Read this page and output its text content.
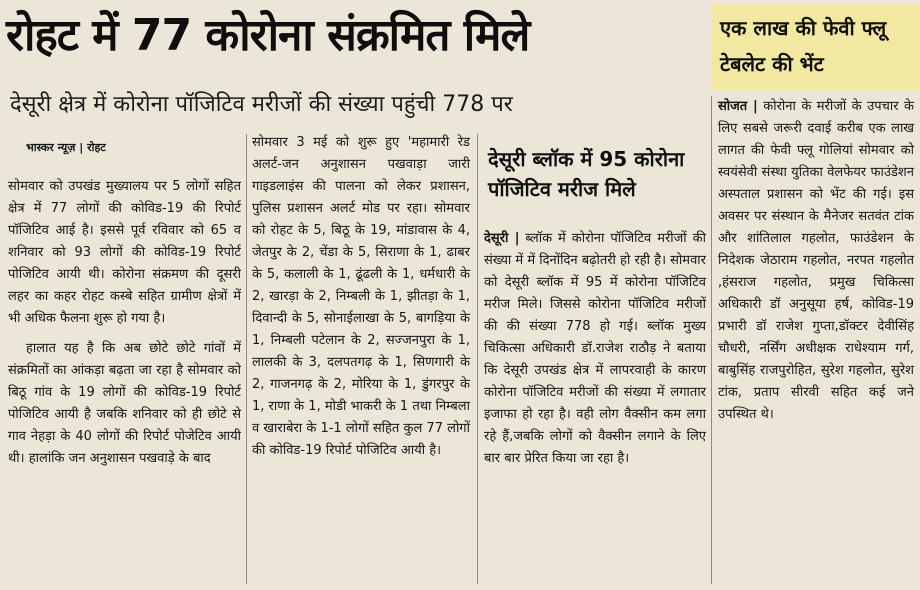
रोहट में 77 कोरोना संक्रमित मिले
देसूरी क्षेत्र में कोरोना पॉजिटिव मरीजों की संख्या पहुंची 778 पर
एक लाख की फेवी फ्लू टेबलेट की भेंट
भास्कर न्यूज़ | रोहट

सोमवार को उपखंड मुख्यालय पर 5 लोगों सहित क्षेत्र में 77 लोगों की कोविड-19 की रिपोर्ट पॉजिटिव आई है। इससे पूर्व रविवार को 65 व शनिवार को 93 लोगों की कोविड-19 रिपोर्ट पोजिटिव आयी थी। कोरोना संक्रमण की दूसरी लहर का कहर रोहट कस्बे सहित ग्रामीण क्षेत्रों में भी अधिक फैलना शुरू हो गया है।

हालात यह है कि अब छोटे छोटे गांवों में संक्रमितों का आंकड़ा बढ़ता जा रहा है सोमवार को बिठू गांव के 19 लोगों की कोविड-19 रिपोर्ट पोजिटिव आयी है जबकि शनिवार को ही छोटे से गाव नेहड़ा के 40 लोगों की रिपोर्ट पोजेटिव आयी थी। हालांकि जन अनुशासन पखवाड़े के बाद

सोमवार 3 मई को शुरू हुए 'महामारी रेड अलर्ट-जन अनुशासन पखवाड़ा जारी गाइडलाइंस की पालना को लेकर प्रशासन, पुलिस प्रशासन अलर्ट मोड पर रहा। सोमवार को रोहट के 5, बिठू के 19, मांडावास के 4, जेतपुर के 2, चेंडा के 5, सिराणा के 1, ढाबर के 5, कलाली के 1, ढूंढली के 1, धर्मधारी के 2, खारड़ा के 2, निम्बली के 1, झीतड़ा के 1, दिवान्दी के 5, सोनाईलाखा के 5, बागड़िया के 1, निम्बली पटेलान के 2, सज्जनपुरा के 1, लालकी के 3, दलपतगढ़ के 1, सिणगारी के 2, गाजनगढ़ के 2, मोरिया के 1, डुंगरपुर के 1, राणा के 1, मोडी भाकरी के 1 तथा निम्बला व खाराबेरा के 1-1 लोगों सहित कुल 77 लोगों की कोविड-19 रिपोर्ट पोजिटिव आयी है।

देसूरी ब्लॉक में 95 कोरोना पॉजिटिव मरीज मिले

देसूरी | ब्लॉक में कोरोना पॉजिटिव मरीजों की संख्या में में दिनोंदिन बढ़ोतरी हो रही है। सोमवार को देसूरी ब्लॉक में 95 में कोरोना पॉजिटिव मरीज मिले। जिससे कोरोना पॉजिटिव मरीजों की की संख्या 778 हो गई। ब्लॉक मुख्य चिकित्सा अधिकारी डॉ.राजेश राठौड़ ने बताया कि देसूरी उपखंड क्षेत्र में लापरवाही के कारण कोरोना पॉजिटिव मरीजों की संख्या में लगातार इजाफा हो रहा है। वही लोग वैक्सीन कम लगा रहे हैं,जबकि लोगों को वैक्सीन लगाने के लिए बार बार प्रेरित किया जा रहा है।

सोजत | कोरोना के मरीजों के उपचार के लिए सबसे जरूरी दवाई करीब एक लाख लागत की फेवी फ्लू गोलियां सोमवार को स्वयंसेवी संस्था युतिका वेलफेयर फाउंडेशन अस्पताल प्रशासन को भेंट की गई। इस अवसर पर संस्थान के मैनेजर सतवंत टांक और शांतिलाल गहलोत, फाउंडेशन के निदेशक जेठाराम गहलोत, नरपत गहलोत ,हंसराज गहलोत, प्रमुख चिकित्सा अधिकारी डॉ अनुसूया हर्ष, कोविड-19 प्रभारी डॉ राजेश गुप्ता,डॉक्टर देवीसिंह चौधरी, नर्सिंग अधीक्षक राधेश्याम गर्ग, बाबुसिंह राजपुरोहित, सुरेश गहलोत, सुरेश टांक, प्रताप सीरवी सहित कई जने उपस्थित थे।
